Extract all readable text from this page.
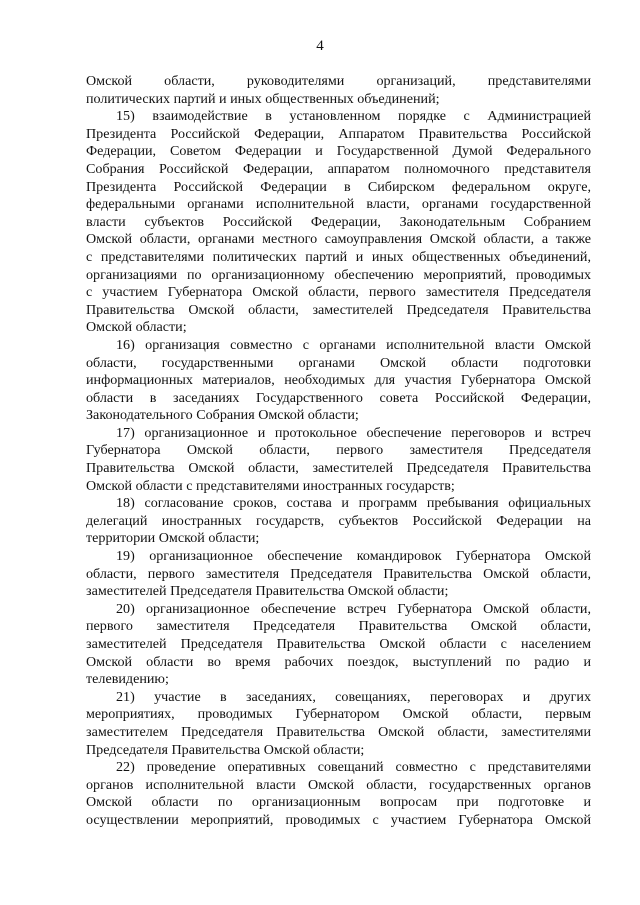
4

Омской области, руководителями организаций, представителями
политических партий и иных общественных объединений;

15) взаимодействие в установленном порядке с Администрацией
Президента Российской Федерации, Аппаратом Правительства Российской
Федерации, Советом Федерации и Государственной Думой Федерального
Собрания Российской Федерации, аппаратом полномочного представителя
Президента Российской Федерации в Сибирском федеральном округе,
федеральными органами исполнительной власти, органами государственной
власти субъектов Российской Федерации, Законодательным Собранием
Омской области, органами местного самоуправления Омской области, а также
с представителями политических партий и иных общественных объединений,
организациями по организационному обеспечению мероприятий, проводимых
с участием Губернатора Омской области, первого заместителя Председателя
Правительства Омской области, заместителей Председателя Правительства
Омской области;

16) организация совместно с органами исполнительной власти Омской
области, государственными органами Омской области подготовки
информационных материалов, необходимых для участия Губернатора Омской
области в заседаниях Государственного совета Российской Федерации,
Законодательного Собрания Омской области;

17) организационное и протокольное обеспечение переговоров и встреч
Губернатора Омской области, первого заместителя Председателя
Правительства Омской области, заместителей Председателя Правительства
Омской области с представителями иностранных государств;

18) согласование сроков, состава и программ пребывания официальных
делегаций иностранных государств, субъектов Российской Федерации на
территории Омской области;

19) организационное обеспечение командировок Губернатора Омской
области, первого заместителя Председателя Правительства Омской области,
заместителей Председателя Правительства Омской области;

20) организационное обеспечение встреч Губернатора Омской области,
первого заместителя Председателя Правительства Омской области,
заместителей Председателя Правительства Омской области с населением
Омской области во время рабочих поездок, выступлений по радио и
телевидению;

21) участие в заседаниях, совещаниях, переговорах и других
мероприятиях, проводимых Губернатором Омской области, первым
заместителем Председателя Правительства Омской области, заместителями
Председателя Правительства Омской области;

22) проведение оперативных совещаний совместно с представителями
органов исполнительной власти Омской области, государственных органов
Омской области по организационным вопросам при подготовке и
осуществлении мероприятий, проводимых с участием Губернатора Омской
